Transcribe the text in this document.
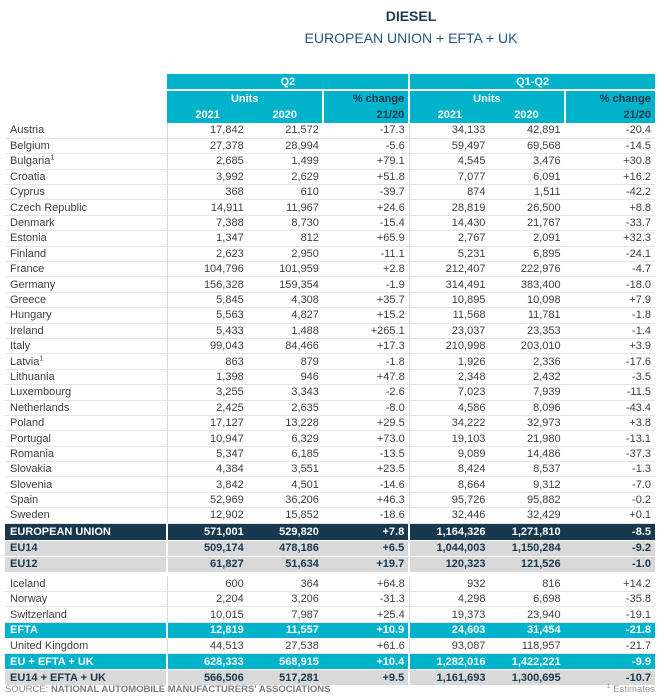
DIESEL
EUROPEAN UNION + EFTA + UK
	Q2			Q1-Q2		
	Units		% change	Units		% change
	2021	2020	21/20	2021	2020	21/20
Austria	17,842	21,572	-17.3	34,133	42,891	-20.4
Belgium	27,378	28,994	-5.6	59,497	69,568	-14.5
Bulgaria$^1$	2,685	1,499	+79.1	4,545	3,476	+30.8
Croatia	3,992	2,629	+51.8	7,077	6,091	+16.2
Cyprus	368	610	-39.7	874	1,511	-42.2
Czech Republic	14,911	11,967	+24.6	28,819	26,500	+8.8
Denmark	7,388	8,730	-15.4	14,430	21,767	-33.7
Estonia	1,347	812	+65.9	2,767	2,091	+32.3
Finland	2,623	2,950	-11.1	5,231	6,895	-24.1
France	104,796	101,959	+2.8	212,407	222,976	-4.7
Germany	156,328	159,354	-1.9	314,491	383,400	-18.0
Greece	5,845	4,308	+35.7	10,895	10,098	+7.9
Hungary	5,563	4,827	+15.2	11,568	11,781	-1.8
Ireland	5,433	1,488	+265.1	23,037	23,353	-1.4
Italy	99,043	84,466	+17.3	210,998	203,010	+3.9
Latvia$^1$	863	879	-1.8	1,926	2,336	-17.6
Lithuania	1,398	946	+47.8	2,348	2,432	-3.5
Luxembourg	3,255	3,343	-2.6	7,023	7,939	-11.5
Netherlands	2,425	2,635	-8.0	4,586	8,096	-43.4
Poland	17,127	13,228	+29.5	34,222	32,973	+3.8
Portugal	10,947	6,329	+73.0	19,103	21,980	-13.1
Romania	5,347	6,185	-13.5	9,089	14,486	-37.3
Slovakia	4,384	3,551	+23.5	8,424	8,537	-1.3
Slovenia	3,842	4,501	-14.6	8,664	9,312	-7.0
Spain	52,969	36,206	+46.3	95,726	95,882	-0.2
Sweden	12,902	15,852	-18.6	32,446	32,429	+0.1
EUROPEAN UNION	571,001	529,820	+7.8	1,164,326	1,271,810	-8.5
EU14	509,174	478,186	+6.5	1,044,003	1,150,284	-9.2
EU12	61,827	51,634	+19.7	120,323	121,526	-1.0

Iceland	600	364	+64.8	932	816	+14.2
Norway	2,204	3,206	-31.3	4,298	6,698	-35.8
Switzerland	10,015	7,987	+25.4	19,373	23,940	-19.1
EFTA	12,819	11,557	+10.9	24,603	31,454	-21.8
United Kingdom	44,513	27,538	+61.6	93,087	118,957	-21.7
EU + EFTA + UK	628,333	568,915	+10.4	1,282,016	1,422,221	-9.9
EU14 + EFTA + UK	566,506	517,281	+9.5	1,161,693	1,300,695	-10.7
SOURCE: NATIONAL AUTOMOBILE MANUFACTURERS' ASSOCIATIONS	$^1$ Estimates
